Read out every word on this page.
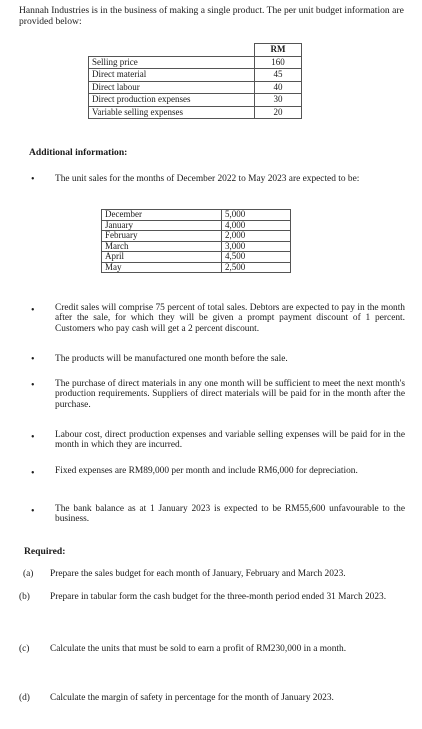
Hannah Industries is in the business of making a single product. The per unit budget information are provided below:
	RM
Selling price	160
Direct material	45
Direct labour	40
Direct production expenses	30
Variable selling expenses	20
Additional information:
• The unit sales for the months of December 2022 to May 2023 are expected to be:
December	5,000
January	4,000
February	2,000
March	3,000
April	4,500
May	2,500
• Credit sales will comprise 75 percent of total sales. Debtors are expected to pay in the month after the sale, for which they will be given a prompt payment discount of 1 percent. Customers who pay cash will get a 2 percent discount.
• The products will be manufactured one month before the sale.
• The purchase of direct materials in any one month will be sufficient to meet the next month's production requirements. Suppliers of direct materials will be paid for in the month after the purchase.
• Labour cost, direct production expenses and variable selling expenses will be paid for in the month in which they are incurred.
• Fixed expenses are RM89,000 per month and include RM6,000 for depreciation.
• The bank balance as at 1 January 2023 is expected to be RM55,600 unfavourable to the business.
Required:
(a) Prepare the sales budget for each month of January, February and March 2023.
(b) Prepare in tabular form the cash budget for the three-month period ended 31 March 2023.
(c) Calculate the units that must be sold to earn a profit of RM230,000 in a month.
(d) Calculate the margin of safety in percentage for the month of January 2023.
